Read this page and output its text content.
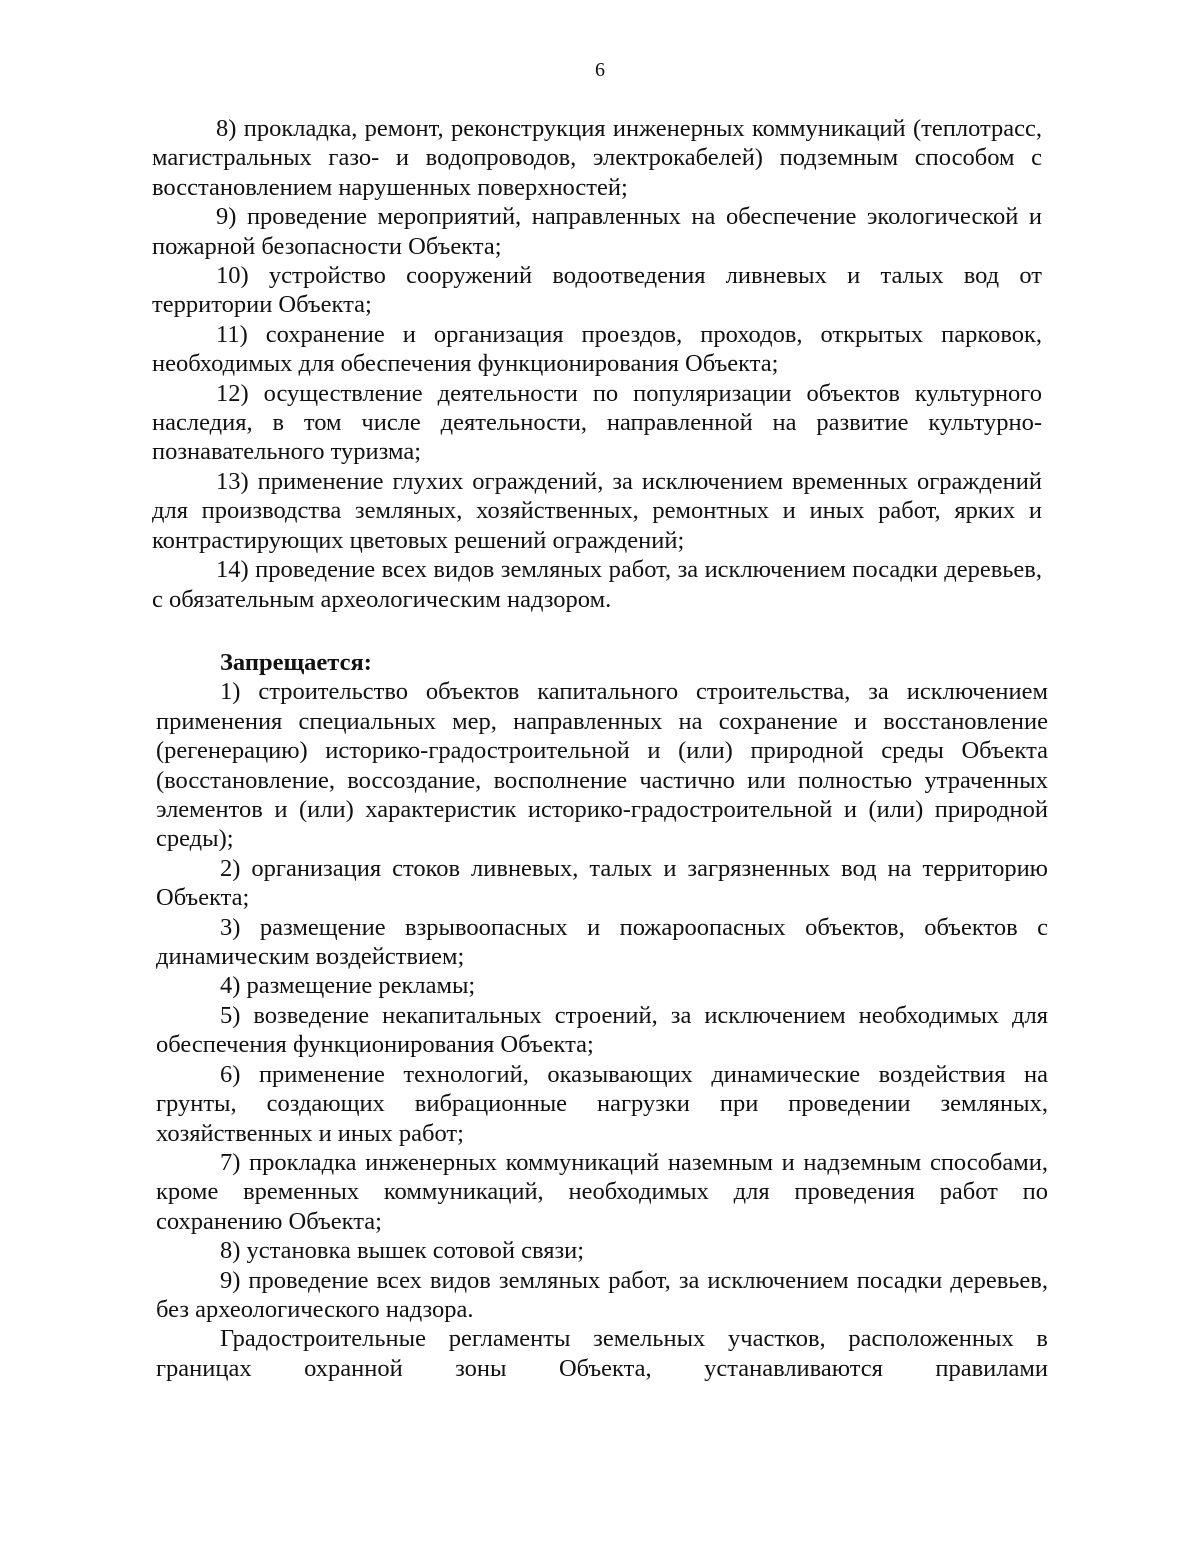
6

8) прокладка, ремонт, реконструкция инженерных коммуникаций (теплотрасс, магистральных газо- и водопроводов, электрокабелей) подземным способом с восстановлением нарушенных поверхностей;

9) проведение мероприятий, направленных на обеспечение экологической и пожарной безопасности Объекта;

10) устройство сооружений водоотведения ливневых и талых вод от территории Объекта;

11) сохранение и организация проездов, проходов, открытых парковок, необходимых для обеспечения функционирования Объекта;

12) осуществление деятельности по популяризации объектов культурного наследия, в том числе деятельности, направленной на развитие культурно-познавательного туризма;

13) применение глухих ограждений, за исключением временных ограждений для производства земляных, хозяйственных, ремонтных и иных работ, ярких и контрастирующих цветовых решений ограждений;

14) проведение всех видов земляных работ, за исключением посадки деревьев, с обязательным археологическим надзором.

Запрещается:

1) строительство объектов капитального строительства, за исключением применения специальных мер, направленных на сохранение и восстановление (регенерацию) историко-градостроительной и (или) природной среды Объекта (восстановление, воссоздание, восполнение частично или полностью утраченных элементов и (или) характеристик историко-градостроительной и (или) природной среды);

2) организация стоков ливневых, талых и загрязненных вод на территорию Объекта;

3) размещение взрывоопасных и пожароопасных объектов, объектов с динамическим воздействием;

4) размещение рекламы;

5) возведение некапитальных строений, за исключением необходимых для обеспечения функционирования Объекта;

6) применение технологий, оказывающих динамические воздействия на грунты, создающих вибрационные нагрузки при проведении земляных, хозяйственных и иных работ;

7) прокладка инженерных коммуникаций наземным и надземным способами, кроме временных коммуникаций, необходимых для проведения работ по сохранению Объекта;

8) установка вышек сотовой связи;

9) проведение всех видов земляных работ, за исключением посадки деревьев, без археологического надзора.

Градостроительные регламенты земельных участков, расположенных в границах охранной зоны Объекта, устанавливаются правилами
